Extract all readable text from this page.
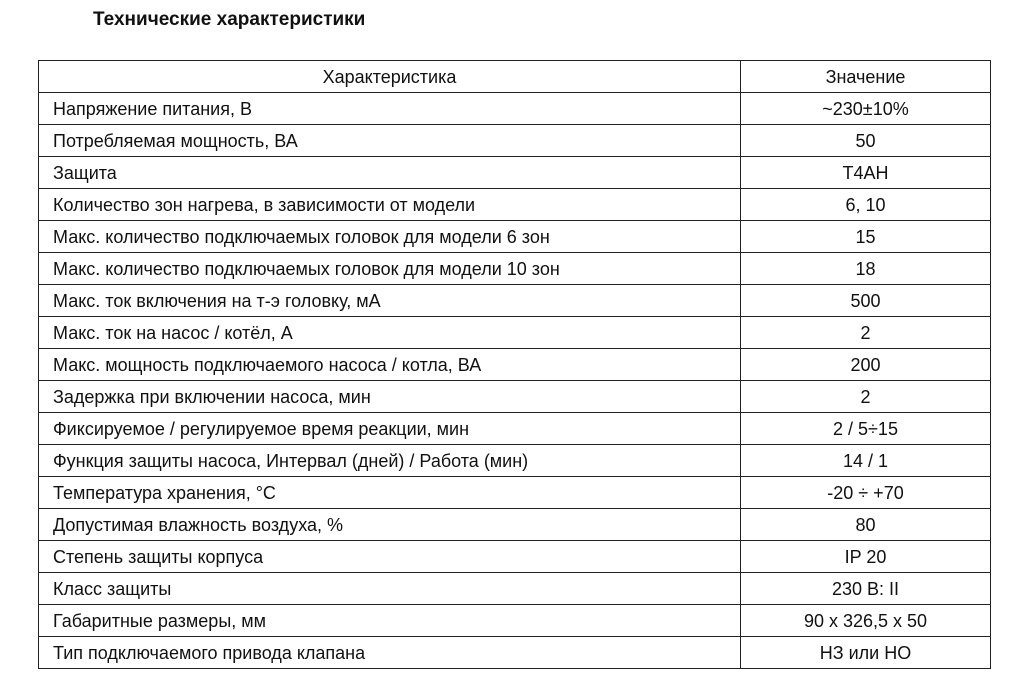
Технические характеристики
Характеристика	Значение
Напряжение питания, В	~230±10%
Потребляемая мощность, ВА	50
Защита	T4AH
Количество зон нагрева, в зависимости от модели	6, 10
Макс. количество подключаемых головок для модели 6 зон	15
Макс. количество подключаемых головок для модели 10 зон	18
Макс. ток включения на т-э головку, мА	500
Макс. ток на насос / котёл, А	2
Макс. мощность подключаемого насоса / котла, ВА	200
Задержка при включении насоса, мин	2
Фиксируемое / регулируемое время реакции, мин	2 / 5÷15
Функция защиты насоса, Интервал (дней) / Работа (мин)	14 / 1
Температура хранения, °C	-20 ÷ +70
Допустимая влажность воздуха, %	80
Степень защиты корпуса	IP 20
Класс защиты	230 В: II
Габаритные размеры, мм	90 x 326,5 x 50
Тип подключаемого привода клапана	НЗ или НО
